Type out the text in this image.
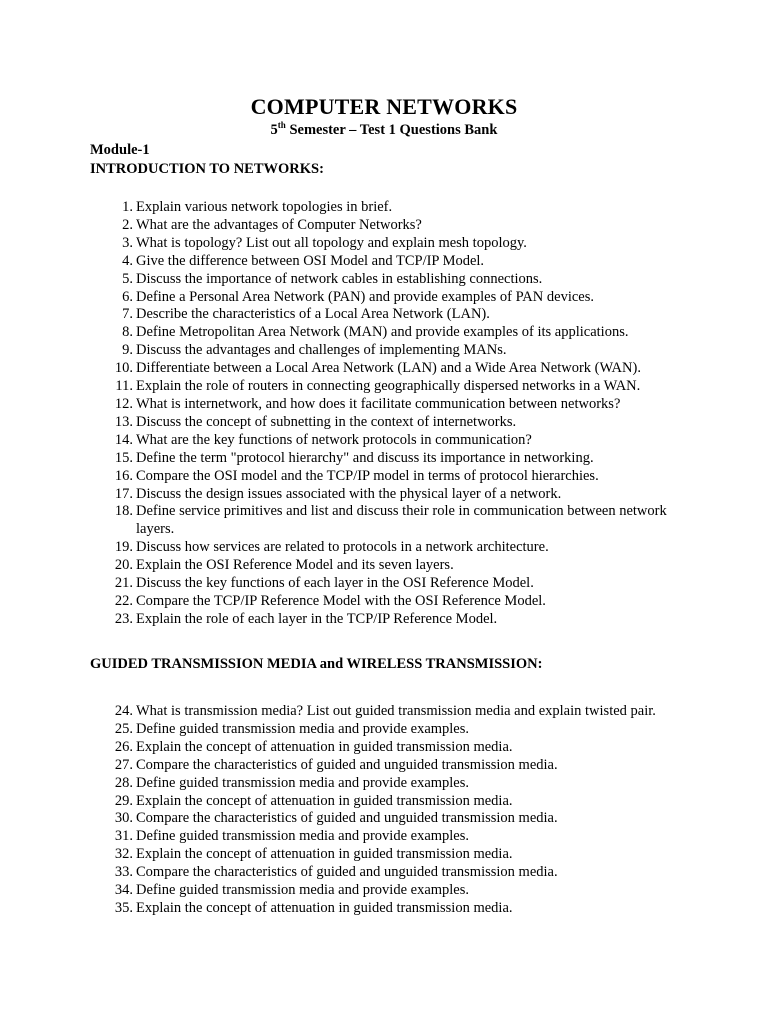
COMPUTER NETWORKS
5th Semester – Test 1 Questions Bank
Module-1
INTRODUCTION TO NETWORKS:
1. Explain various network topologies in brief.
2. What are the advantages of Computer Networks?
3. What is topology? List out all topology and explain mesh topology.
4. Give the difference between OSI Model and TCP/IP Model.
5. Discuss the importance of network cables in establishing connections.
6. Define a Personal Area Network (PAN) and provide examples of PAN devices.
7. Describe the characteristics of a Local Area Network (LAN).
8. Define Metropolitan Area Network (MAN) and provide examples of its applications.
9. Discuss the advantages and challenges of implementing MANs.
10. Differentiate between a Local Area Network (LAN) and a Wide Area Network (WAN).
11. Explain the role of routers in connecting geographically dispersed networks in a WAN.
12. What is internetwork, and how does it facilitate communication between networks?
13. Discuss the concept of subnetting in the context of internetworks.
14. What are the key functions of network protocols in communication?
15. Define the term "protocol hierarchy" and discuss its importance in networking.
16. Compare the OSI model and the TCP/IP model in terms of protocol hierarchies.
17. Discuss the design issues associated with the physical layer of a network.
18. Define service primitives and list and discuss their role in communication between network layers.
19. Discuss how services are related to protocols in a network architecture.
20. Explain the OSI Reference Model and its seven layers.
21. Discuss the key functions of each layer in the OSI Reference Model.
22. Compare the TCP/IP Reference Model with the OSI Reference Model.
23. Explain the role of each layer in the TCP/IP Reference Model.
GUIDED TRANSMISSION MEDIA and WIRELESS TRANSMISSION:
24. What is transmission media? List out guided transmission media and explain twisted pair.
25. Define guided transmission media and provide examples.
26. Explain the concept of attenuation in guided transmission media.
27. Compare the characteristics of guided and unguided transmission media.
28. Define guided transmission media and provide examples.
29. Explain the concept of attenuation in guided transmission media.
30. Compare the characteristics of guided and unguided transmission media.
31. Define guided transmission media and provide examples.
32. Explain the concept of attenuation in guided transmission media.
33. Compare the characteristics of guided and unguided transmission media.
34. Define guided transmission media and provide examples.
35. Explain the concept of attenuation in guided transmission media.
